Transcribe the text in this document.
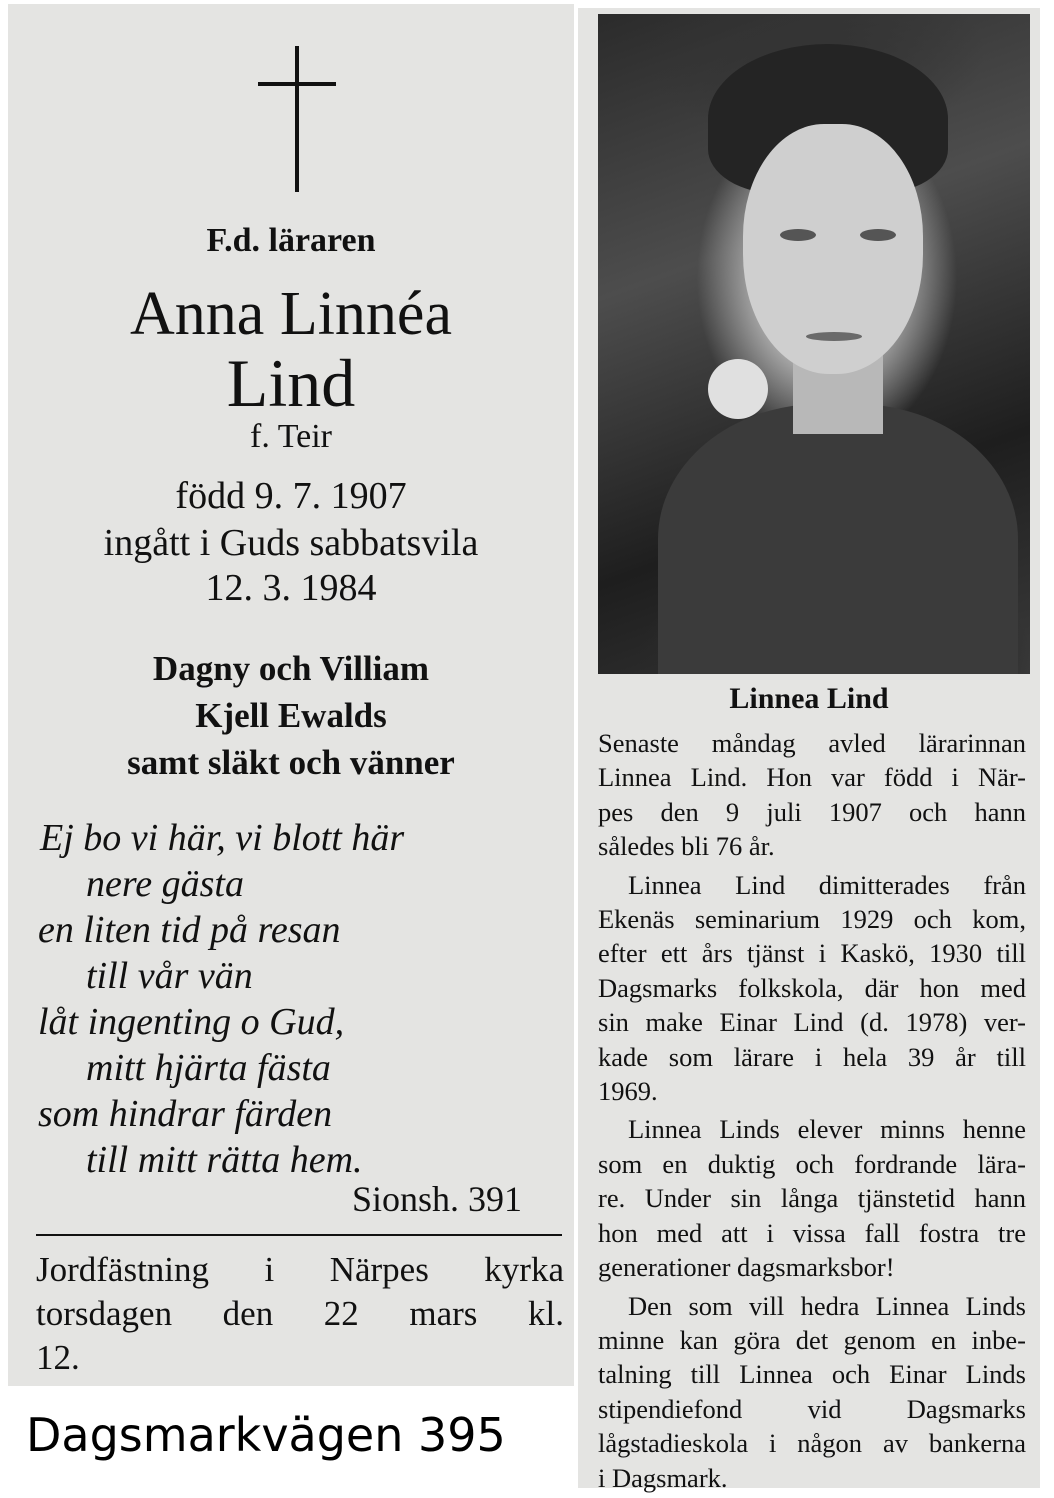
F.d. läraren
Anna Linnéa
Lind
f. Teir
född 9. 7. 1907
ingått i Guds sabbatsvila
12. 3. 1984
Dagny och Villiam
Kjell Ewalds
samt släkt och vänner
Ej bo vi här, vi blott här
nere gästa
en liten tid på resan
till vår vän
låt ingenting o Gud,
mitt hjärta fästa
som hindrar färden
till mitt rätta hem.
Sionsh. 391
Jordfästning i Närpes kyrka
torsdagen den 22 mars kl.
12.
Dagsmarkvägen 395
Linnea Lind

Senaste måndag avled lärarinnan
Linnea Lind. Hon var född i När-
pes den 9 juli 1907 och hann
således bli 76 år.

Linnea Lind dimitterades från
Ekenäs seminarium 1929 och kom,
efter ett års tjänst i Kaskö, 1930 till
Dagsmarks folkskola, där hon med
sin make Einar Lind (d. 1978) ver-
kade som lärare i hela 39 år till
1969.

Linnea Linds elever minns henne
som en duktig och fordrande lära-
re. Under sin långa tjänstetid hann
hon med att i vissa fall fostra tre
generationer dagsmarksbor!

Den som vill hedra Linnea Linds
minne kan göra det genom en inbe-
talning till Linnea och Einar Linds
stipendiefond vid Dagsmarks
lågstadieskola i någon av bankerna
i Dagsmark.
